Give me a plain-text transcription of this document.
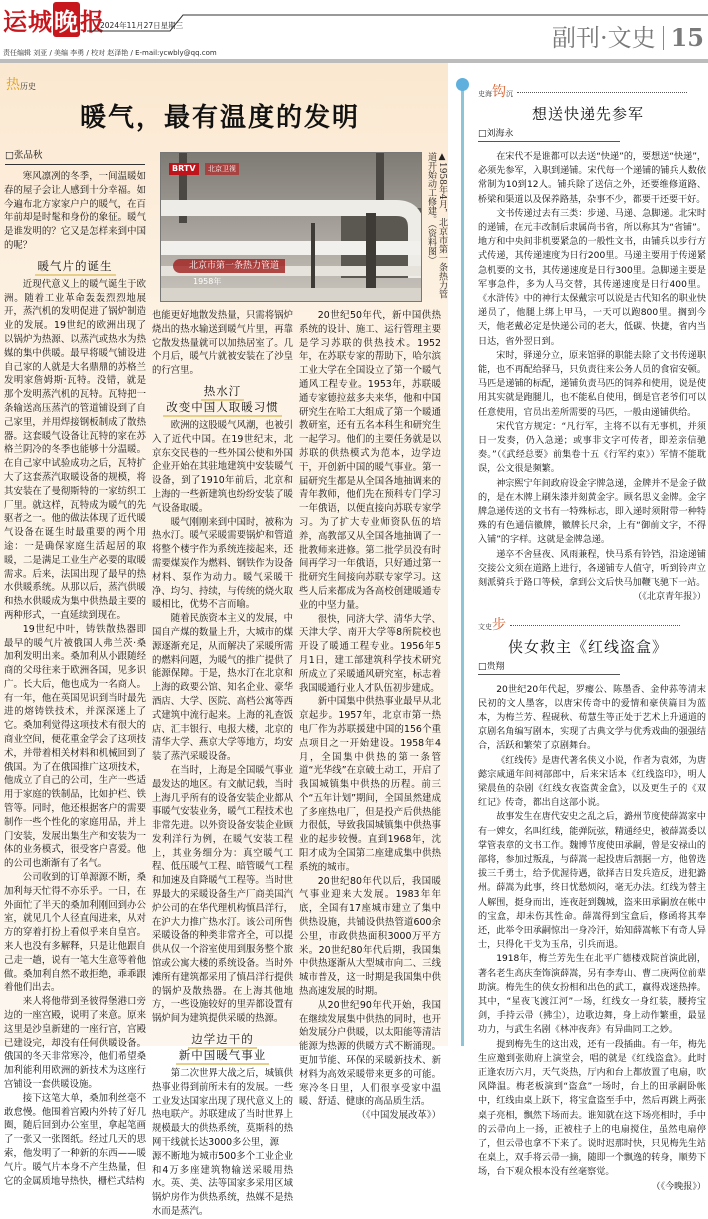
运城晚报
2024年11月27日星期三	副刊·文史 15
责任编辑 刘亚 / 美编 李勇 / 校对 赵泽艳 / E-mail:ycwbly@qq.com
热历史
暖气，最有温度的发明
□张品秋
BRTV	北京卫视
北京市第一条热力管道
1958年	▲1958年4月，北京市第一条热力管道开始动工修建。（资料图）

寒风凛冽的冬季，一间温暖如春的屋子会让人感到十分幸福。如今遍布北方家家户户的暖气，在百年前却是时髦和身份的象征。暖气是谁发明的？它又是怎样来到中国的呢？

暖气片的诞生

近现代意义上的暖气诞生于欧洲。随着工业革命轰轰烈烈地展开，蒸汽机的发明促进了锅炉制造业的发展。19世纪的欧洲出现了以锅炉为热源、以蒸汽或热水为热媒的集中供暖。最早将暖气铺设进自己家的人就是大名鼎鼎的苏格兰发明家詹姆斯·瓦特。没错，就是那个发明蒸汽机的瓦特。瓦特把一条输送高压蒸汽的管道铺设到了自己家里，并用焊接钢板制成了散热器。这套暖气设备让瓦特的家在苏格兰阴冷的冬季也能够十分温暖。在自己家中试验成功之后，瓦特扩大了这套蒸汽取暖设备的规模，将其安装在了曼彻斯特的一家纺织工厂里。就这样，瓦特成为暖气的先驱者之一。他的做法体现了近代暖气设备在诞生时最重要的两个用途：一是确保家庭生活起居的取暖，二是满足工业生产必要的取暖需求。后来，法国出现了最早的热水供暖系统。从那以后，蒸汽供暖和热水供暖成为集中供热最主要的两种形式，一直延续到现在。

19世纪中叶，铸铁散热器即最早的暖气片被俄国人弗兰茨·桑加利发明出来。桑加利从小跟随经商的父母往来于欧洲各国，见多识广。长大后，他也成为一名商人。有一年，他在英国见识到当时最先进的熔铸铁技术，并深深迷上了它。桑加利觉得这项技术有很大的商业空间，便花重金学会了这项技术，并带着相关材料和机械回到了俄国。为了在俄国推广这项技术，他成立了自己的公司，生产一些适用于家庭的铁制品，比如护栏、铁管等。同时，他还根据客户的需要制作一些个性化的家庭用品，并上门安装，发展出集生产和安装为一体的业务模式，很受客户喜爱。他的公司也渐渐有了名气。

公司收到的订单源源不断，桑加利每天忙得不亦乐乎。一日，在外面忙了半天的桑加利刚回到办公室，就见几个人径直闯进来，从对方的穿着打扮上看似乎来自皇宫。来人也没有多解释，只是让他跟自己走一趟，说有一笔大生意等着他做。桑加利自然不敢拒绝，乖乖跟着他们出去。

来人将他带到圣彼得堡港口旁边的一座宫殿，说明了来意。原来这里是沙皇新建的一座行宫，宫殿已建设完，却没有任何供暖设备。俄国的冬天非常寒冷，他们希望桑加利能利用欧洲的新技术为这座行宫铺设一套供暖设施。

接下这笔大单，桑加利丝毫不敢怠慢。他围着宫殿内外转了好几圈，随后回到办公室里，拿起笔画了一张又一张图纸。经过几天的思索，他发明了一种新的东西——暖气片。暖气片本身不产生热量，但它的金属质地导热快，栅栏式结构

也能更好地散发热量，只需将锅炉烧出的热水输送到暖气片里，再靠它散发热量就可以加热居室了。几个月后，暖气片就被安装在了沙皇的行宫里。

热水汀
改变中国人取暖习惯

欧洲的这股暖气风潮，也被引入了近代中国。在19世纪末，北京东交民巷的一些外国公使和外国企业开始在其驻地建筑中安装暖气设备，到了1910年前后，北京和上海的一些新建筑也纷纷安装了暖气设备取暖。

暖气刚刚来到中国时，被称为热水汀。暖气采暖需要锅炉和管道将整个楼宇作为系统连接起来，还需要煤炭作为燃料、钢铁作为设备材料、泵作为动力。暖气采暖干净、均匀、持续，与传统的烧火取暖相比，优势不言而喻。

随着民族资本主义的发展，中国自产煤的数量上升，大城市的煤源逐渐充足，从而解决了采暖所需的燃料问题，为暖气的推广提供了能源保障。于是，热水汀在北京和上海的政要公馆、知名企业、豪华酒店、大学、医院、高档公寓等西式建筑中流行起来。上海的礼查饭店、汇丰银行、电报大楼，北京的清华大学、燕京大学等地方，均安装了蒸汽采暖设备。

在当时，上海是全国暖气事业最发达的地区。有文献记载，当时上海几乎所有的设备安装企业都从事暖气安装业务，暖气工程技术也非常先进。以外资设备安装企业顾发利洋行为例，在暖气安装工程上，其业务细分为：真空暖气工程、低压暖气工程、暗管暖气工程和加速及自降暖气工程等。当时世界最大的采暖设备生产厂商美国汽炉公司的在华代理机构慎昌洋行，在沪大力推广热水汀。该公司所售采暖设备的种类非常齐全，可以提供从仅一个浴室使用到服务整个旅馆或公寓大楼的系统设备。当时外滩所有建筑都采用了慎昌洋行提供的锅炉及散热器。在上海其他地方，一些设施较好的里弄都设置有锅炉间为建筑提供采暖的热源。

边学边干的
新中国暖气事业

第二次世界大战之后，城镇供热事业得到前所未有的发展。一些工业发达国家出现了现代意义上的热电联产。苏联建成了当时世界上规模最大的供热系统，莫斯科的热网干线就长达3000多公里，源

源不断地为城市500多个工业企业和4万多座建筑物输送采暖用热水。英、美、法等国家多采用区域锅炉房作为供热系统，热媒不是热水而是蒸汽。

20世纪50年代，新中国供热系统的设计、施工、运行管理主要是学习苏联的供热技术。1952年，在苏联专家的帮助下，哈尔滨工业大学在全国设立了第一个暖气通风工程专业。1953年，苏联暖通专家德拉兹多夫来华，他和中国研究生在哈工大组成了第一个暖通教研室，还有五名本科生和研究生一起学习。他们的主要任务就是以苏联的供热模式为范本，边学边干，开创新中国的暖气事业。第一届研究生都是从全国各地抽调来的青年教师，他们先在预科专门学习一年俄语，以便直接向苏联专家学习。为了扩大专业师资队伍的培养，高教部又从全国各地抽调了一批教师来进修。第二批学员没有时间再学习一年俄语，只好通过第一批研究生间接向苏联专家学习。这些人后来都成为各高校创建暖通专业的中坚力量。

很快，同济大学、清华大学、天津大学、南开大学等8所院校也开设了暖通工程专业。1956年5月1日，建工部建筑科学技术研究所成立了采暖通风研究室，标志着我国暖通行业人才队伍初步建成。

新中国集中供热事业最早从北京起步。1957年，北京市第一热电厂作为苏联援建中国的156个重点项目之一开始建设。1958年4月，全国集中供热的第一条管道“光华线”在京破土动工，开启了我国城镇集中供热的历程。前三个“五年计划”期间，全国虽然建成了多座热电厂，但是投产后供热能力很低，导致我国城镇集中供热事业的起步较慢。直到1968年，沈阳才成为全国第二座建成集中供热系统的城市。

20世纪80年代以后，我国暖气事业迎来大发展。1983年年底，全国有17座城市建立了集中供热设施，共铺设供热管道600余公里，市政供热面积3000万平方米。20世纪80年代后期，我国集中供热逐渐从大型城市向二、三线城市普及，这一时期是我国集中供热高速发展的时期。

从20世纪90年代开始，我国在继续发展集中供热的同时，也开始发展分户供暖，以太阳能等清洁能源为热源的供暖方式不断涌现。更加节能、环保的采暖新技术、新材料为高效采暖带来更多的可能。寒冷冬日里，人们很享受家中温暖、舒适、健康的高品质生活。

（《中国发展改革》）

史海钩沉
想送快递先参军
□刘海永

在宋代不是谁都可以去送“快递”的，要想送“快递”，必须先参军，入职到递铺。宋代每一个递铺的铺兵人数依常制为10到12人。铺兵除了送信之外，还要维修道路、桥梁和渠道以及保养路基，杂事不少，都要干还要干好。

文书传递过去有三类：步递、马递、急脚递。北宋时的递铺，在元丰改制后隶属尚书省，所以称其为“省铺”。地方和中央间非机要紧急的一般性文书，由铺兵以步行方式传递，其传递速度为日行200里。马递主要用于传递紧急机要的文书，其传递速度是日行300里。急脚递主要是军事急件，多为人马交替，其传递速度是日行400里。《水浒传》中的神行太保戴宗可以说是古代知名的职业快递员了，他腿上绑上甲马，一天可以跑800里。搁到今天，他老戴必定是快递公司的老大，低碳、快捷，省内当日达，省外翌日到。

宋时，驿递分立，原来馆驿的职能去除了文书传递职能，也不再配给驿马，只负责往来公务人员的食宿安顿。马匹是递铺的标配，递铺负责马匹的饲养和使用，说是使用其实就是跑腿儿，也不能私自使用，倒是官老爷们可以任意使用，官员出差所需要的马匹，一般由递铺供给。

宋代官方规定：“凡行军，主将不以有无事机，并须日一发奏，仍入急递；或事非文字可传者，即差亲信驰奏。”（《武经总要》前集卷十五《行军约束》）军情不能耽误，公文很是频繁。

神宗熙宁年间政府设金字牌急递，金牌并不是金子做的，是在木牌上刷朱漆并刻黄金字。顾名思义金牌。金字牌急递传送的文书有一特殊标志，即入递时须附带一种特殊的有色通信徽牌，徽牌长尺余，上有“御前文字，不得入铺”的字样。这就是金牌急递。

递卒不舍昼夜、风雨兼程，快马系有铃铛，沿途递铺交接公文须在道路上进行，各递铺专人值守，听到铃声立刻派骑兵于路口等候，拿到公文后快马加鞭飞驰下一站。

（《北京青年报》）

文史步
侠女救主《红线盗盒》
□贵翔

20世纪20年代起，罗瘿公、陈墨香、金仲荪等清末民初的文人墨客，以唐宋传奇中的爱情和豪侠篇目为蓝本，为梅兰芳、程砚秋、荀慧生等正处于艺术上升通道的京剧名角编写剧本，实现了古典文学与优秀戏曲的强强结合，活跃和繁荣了京剧舞台。

《红线传》是唐代著名侠义小说，作者为袁郊，为唐懿宗咸通年间祠部郎中，后来宋话本《红线盗印》，明人梁晨鱼的杂剧《红线女夜盗黄金盒》，以及更生子的《双红记》传奇，都出自这部小说。

故事发生在唐代安史之乱之后，潞州节度使薛嵩家中有一婢女，名叫红线，能弹阮弦，精通经史，被薛嵩委以掌管表章的文书工作。魏博节度使田承嗣，曾是安禄山的部将，参加过叛乱，与薛嵩一起投唐后割据一方，他曾选拔三千勇士，给予优渥待遇，欲择吉日发兵造反，进犯潞州。薛嵩为此事，终日忧愁烦闷，毫无办法。红线为替主人解围，挺身而出，连夜赶到魏城，盗来田承嗣放在帐中的宝盒，却未伤其性命。薛嵩得到宝盒后，修函将其奉还，此举令田承嗣惊出一身冷汗，始知薛嵩帐下有奇人异士，只得化干戈为玉帛，引兵而退。

1918年，梅兰芳先生在北平广德楼戏院首演此剧，著名老生高庆奎饰演薛嵩，另有李寿山、曹二庚两位前辈助演。梅先生的侠女扮相和出色的武工，赢得戏迷热捧。其中，“星夜飞渡江河”一场，红线女一身红装，腰挎宝剑，手持云帚（拂尘），边歌边舞，身上动作繁重，最显功力，与武生名剧《林冲夜奔》有异曲同工之妙。

提到梅先生的这出戏，还有一段插曲。有一年，梅先生应邀到张勋府上演堂会，唱的就是《红线盗盒》。此时正逢农历六月，天气炎热，厅内和台上都放置了电扇，吹风降温。梅老板演到“盗盒”一场时，台上的田承嗣卧帐中，红线由桌上跃下，将宝盒盗至手中，然后再跳上两张桌子亮相，飘然下场而去。谁知就在这下场亮相时，手中的云帚向上一扬，正被柱子上的电扇搅住，虽然电扇停了，但云帚也拿不下来了。说时迟那时快，只见梅先生站在桌上，双手将云帚一摘，随即一个飘逸的转身，顺势下场，台下观众根本没有丝毫察觉。

（《今晚报》）
